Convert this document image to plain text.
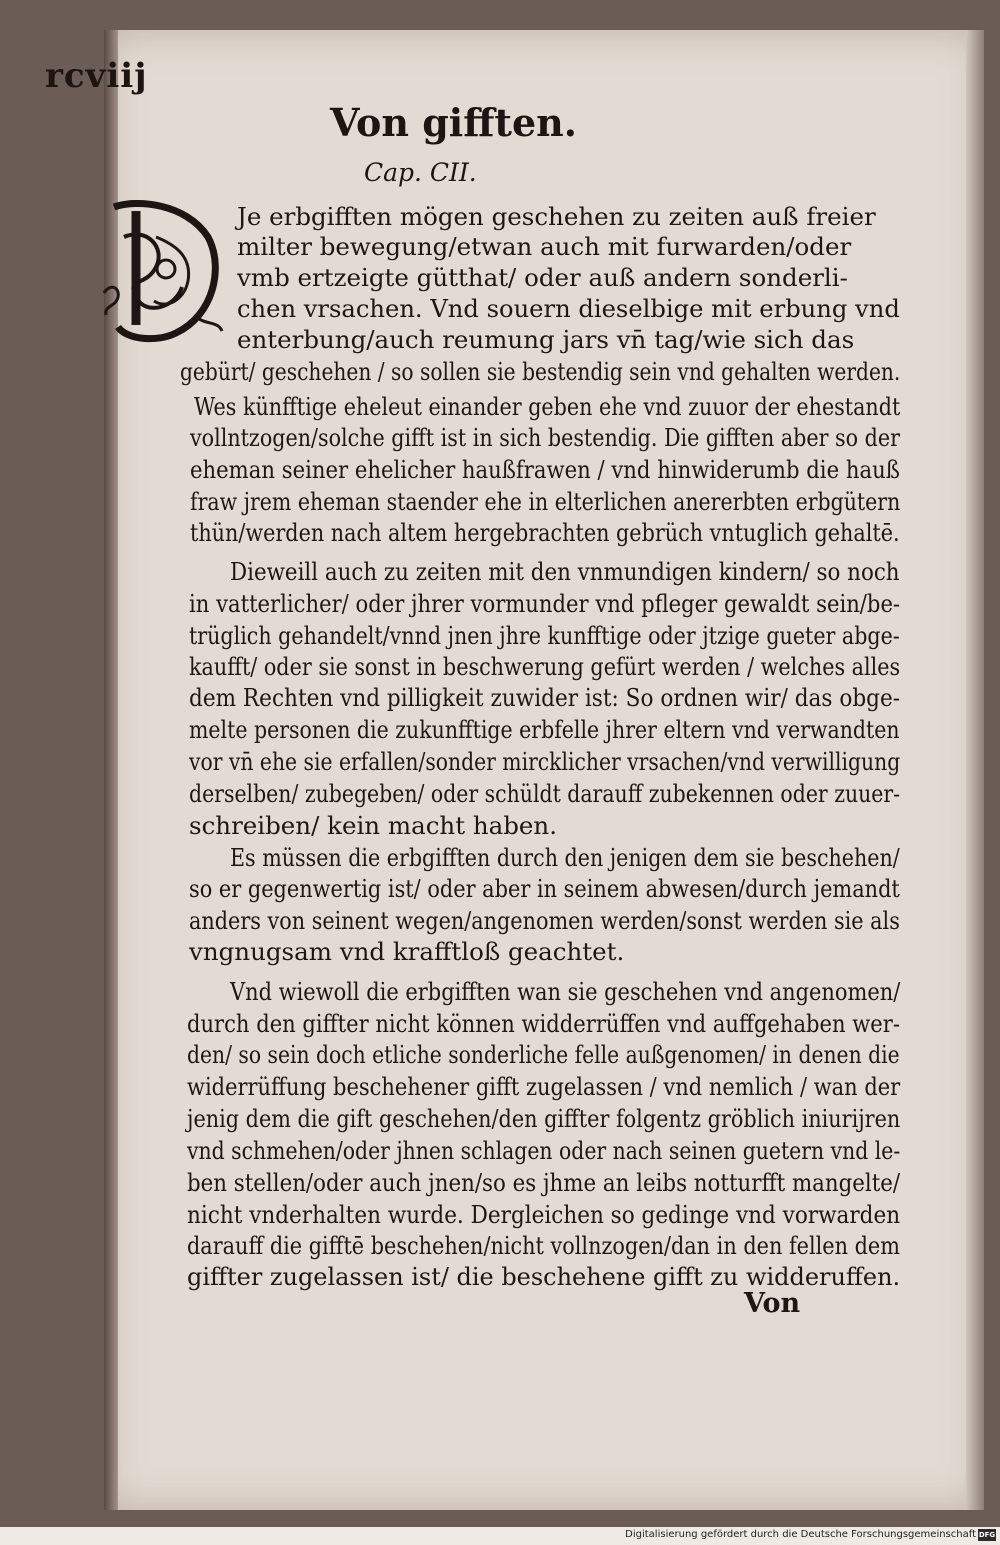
rcviij
Von gifften.
Cap. CII.
D
Je erbgifften mögen geschehen zu zeiten auß freier
milter bewegung/etwan auch mit furwarden/oder
vmb ertzeigte gütthat/ oder auß andern sonderli-
chen vrsachen. Vnd souern dieselbige mit erbung vnd
enterbung/auch reumung jars vn̄ tag/wie sich das
gebürt/ geschehen / so sollen sie bestendig sein vnd gehalten werden.
Wes künfftige eheleut einander geben ehe vnd zuuor der ehestandt
vollntzogen/solche gifft ist in sich bestendig. Die gifften aber so der
eheman seiner ehelicher haußfrawen / vnd hinwiderumb die hauß
fraw jrem eheman staender ehe in elterlichen anererbten erbgütern
thün/werden nach altem hergebrachten gebrüch vntuglich gehaltē.
Dieweill auch zu zeiten mit den vnmundigen kindern/ so noch
in vatterlicher/ oder jhrer vormunder vnd pfleger gewaldt sein/be-
trüglich gehandelt/vnnd jnen jhre kunfftige oder jtzige gueter abge-
kaufft/ oder sie sonst in beschwerung gefürt werden / welches alles
dem Rechten vnd pilligkeit zuwider ist: So ordnen wir/ das obge-
melte personen die zukunfftige erbfelle jhrer eltern vnd verwandten
vor vn̄ ehe sie erfallen/sonder mircklicher vrsachen/vnd verwilligung
derselben/ zubegeben/ oder schüldt darauff zubekennen oder zuuer-
schreiben/ kein macht haben.
Es müssen die erbgifften durch den jenigen dem sie beschehen/
so er gegenwertig ist/ oder aber in seinem abwesen/durch jemandt
anders von seinent wegen/angenomen werden/sonst werden sie als
vngnugsam vnd krafftloß geachtet.
Vnd wiewoll die erbgifften wan sie geschehen vnd angenomen/
durch den giffter nicht können widderrüffen vnd auffgehaben wer-
den/ so sein doch etliche sonderliche felle außgenomen/ in denen die
widerrüffung beschehener gifft zugelassen / vnd nemlich / wan der
jenig dem die gift geschehen/den giffter folgentz gröblich iniurijren
vnd schmehen/oder jhnen schlagen oder nach seinen guetern vnd le-
ben stellen/oder auch jnen/so es jhme an leibs notturfft mangelte/
nicht vnderhalten wurde. Dergleichen so gedinge vnd vorwarden
darauff die gifftē beschehen/nicht vollnzogen/dan in den fellen dem
giffter zugelassen ist/ die beschehene gifft zu widderuffen.
Von
Digitalisierung gefördert durch die Deutsche Forschungsgemeinschaft DFG
